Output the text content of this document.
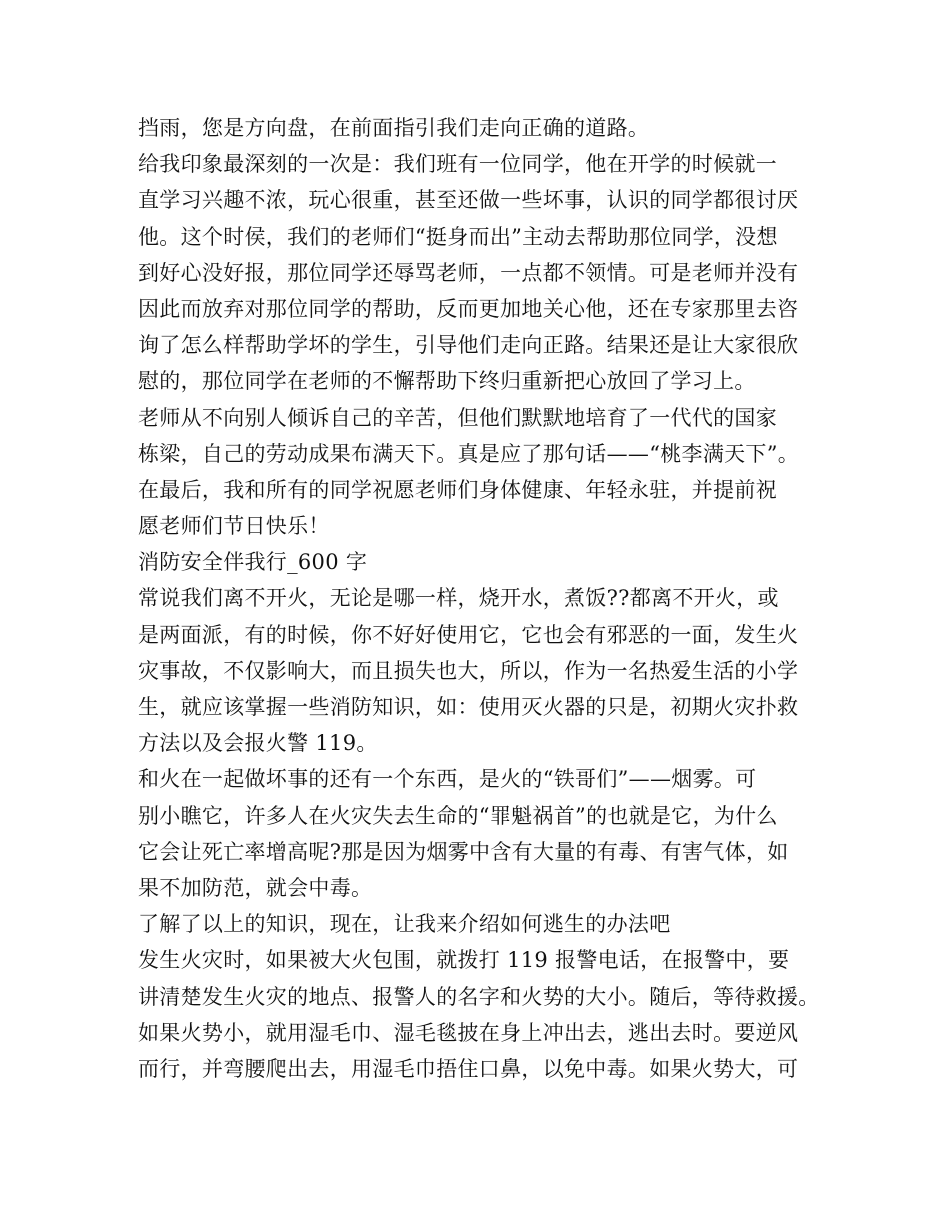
挡雨，您是方向盘，在前面指引我们走向正确的道路。
给我印象最深刻的一次是：我们班有一位同学，他在开学的时候就一
直学习兴趣不浓，玩心很重，甚至还做一些坏事，认识的同学都很讨厌
他。这个时侯，我们的老师们“挺身而出”主动去帮助那位同学，没想
到好心没好报，那位同学还辱骂老师，一点都不领情。可是老师并没有
因此而放弃对那位同学的帮助，反而更加地关心他，还在专家那里去咨
询了怎么样帮助学坏的学生，引导他们走向正路。结果还是让大家很欣
慰的，那位同学在老师的不懈帮助下终归重新把心放回了学习上。
老师从不向别人倾诉自己的辛苦，但他们默默地培育了一代代的国家
栋梁，自己的劳动成果布满天下。真是应了那句话——“桃李满天下”。
在最后，我和所有的同学祝愿老师们身体健康、年轻永驻，并提前祝
愿老师们节日快乐！
消防安全伴我行_600 字
常说我们离不开火，无论是哪一样，烧开水，煮饭??都离不开火，或
是两面派，有的时候，你不好好使用它，它也会有邪恶的一面，发生火
灾事故，不仅影响大，而且损失也大，所以，作为一名热爱生活的小学
生，就应该掌握一些消防知识，如：使用灭火器的只是，初期火灾扑救
方法以及会报火警 119。
和火在一起做坏事的还有一个东西，是火的“铁哥们”——烟雾。可
别小瞧它，许多人在火灾失去生命的“罪魁祸首”的也就是它，为什么
它会让死亡率增高呢?那是因为烟雾中含有大量的有毒、有害气体，如
果不加防范，就会中毒。
了解了以上的知识，现在，让我来介绍如何逃生的办法吧
发生火灾时，如果被大火包围，就拨打 119 报警电话，在报警中，要
讲清楚发生火灾的地点、报警人的名字和火势的大小。随后，等待救援。
如果火势小，就用湿毛巾、湿毛毯披在身上冲出去，逃出去时。要逆风
而行，并弯腰爬出去，用湿毛巾捂住口鼻，以免中毒。如果火势大，可
